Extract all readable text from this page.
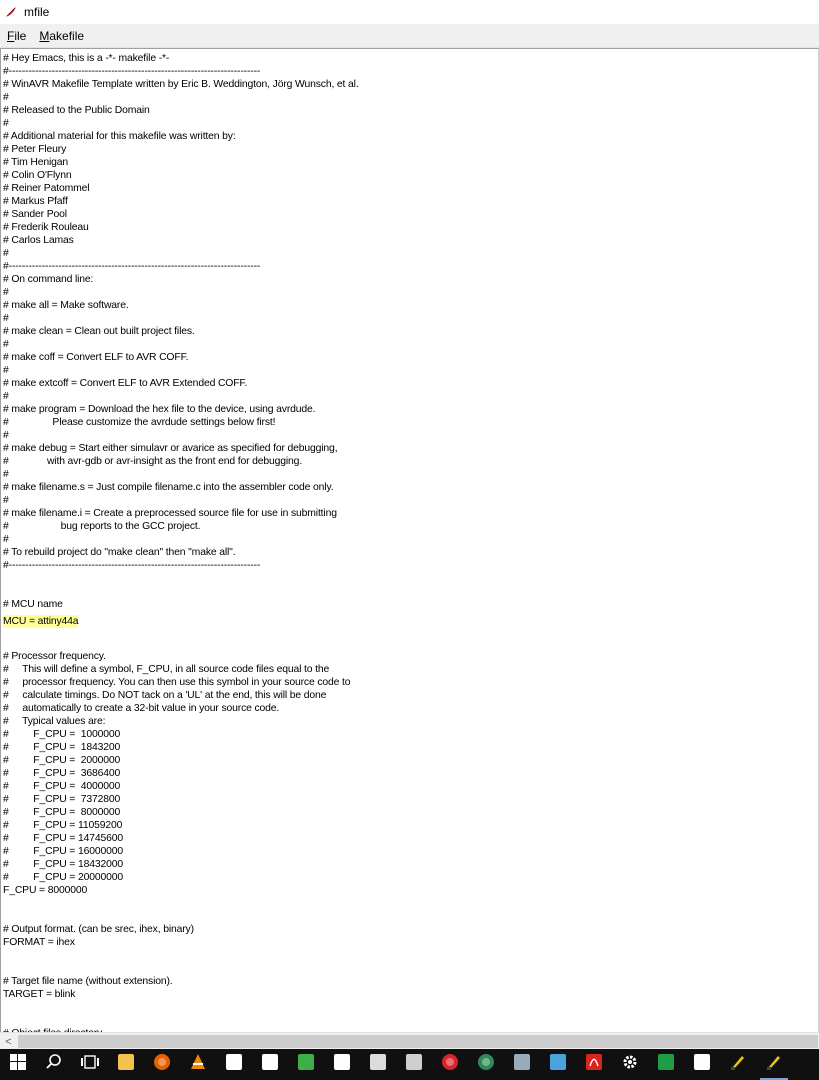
mfile
File	Makefile
# Hey Emacs, this is a -*- makefile -*-
#----------------------------------------------------------------------------
# WinAVR Makefile Template written by Eric B. Weddington, Jörg Wunsch, et al.
#
# Released to the Public Domain
#
# Additional material for this makefile was written by:
# Peter Fleury
# Tim Henigan
# Colin O'Flynn
# Reiner Patommel
# Markus Pfaff
# Sander Pool
# Frederik Rouleau
# Carlos Lamas
#
#----------------------------------------------------------------------------
# On command line:
#
# make all = Make software.
#
# make clean = Clean out built project files.
#
# make coff = Convert ELF to AVR COFF.
#
# make extcoff = Convert ELF to AVR Extended COFF.
#
# make program = Download the hex file to the device, using avrdude.
#                Please customize the avrdude settings below first!
#
# make debug = Start either simulavr or avarice as specified for debugging,
#              with avr-gdb or avr-insight as the front end for debugging.
#
# make filename.s = Just compile filename.c into the assembler code only.
#
# make filename.i = Create a preprocessed source file for use in submitting
#                   bug reports to the GCC project.
#
# To rebuild project do "make clean" then "make all".
#----------------------------------------------------------------------------
# MCU name
MCU = attiny44a
# Processor frequency.
#     This will define a symbol, F_CPU, in all source code files equal to the
#     processor frequency. You can then use this symbol in your source code to
#     calculate timings. Do NOT tack on a 'UL' at the end, this will be done
#     automatically to create a 32-bit value in your source code.
#     Typical values are:
#         F_CPU =  1000000
#         F_CPU =  1843200
#         F_CPU =  2000000
#         F_CPU =  3686400
#         F_CPU =  4000000
#         F_CPU =  7372800
#         F_CPU =  8000000
#         F_CPU = 11059200
#         F_CPU = 14745600
#         F_CPU = 16000000
#         F_CPU = 18432000
#         F_CPU = 20000000
F_CPU = 8000000
# Output format. (can be srec, ihex, binary)
FORMAT = ihex
# Target file name (without extension).
TARGET = blink
<
